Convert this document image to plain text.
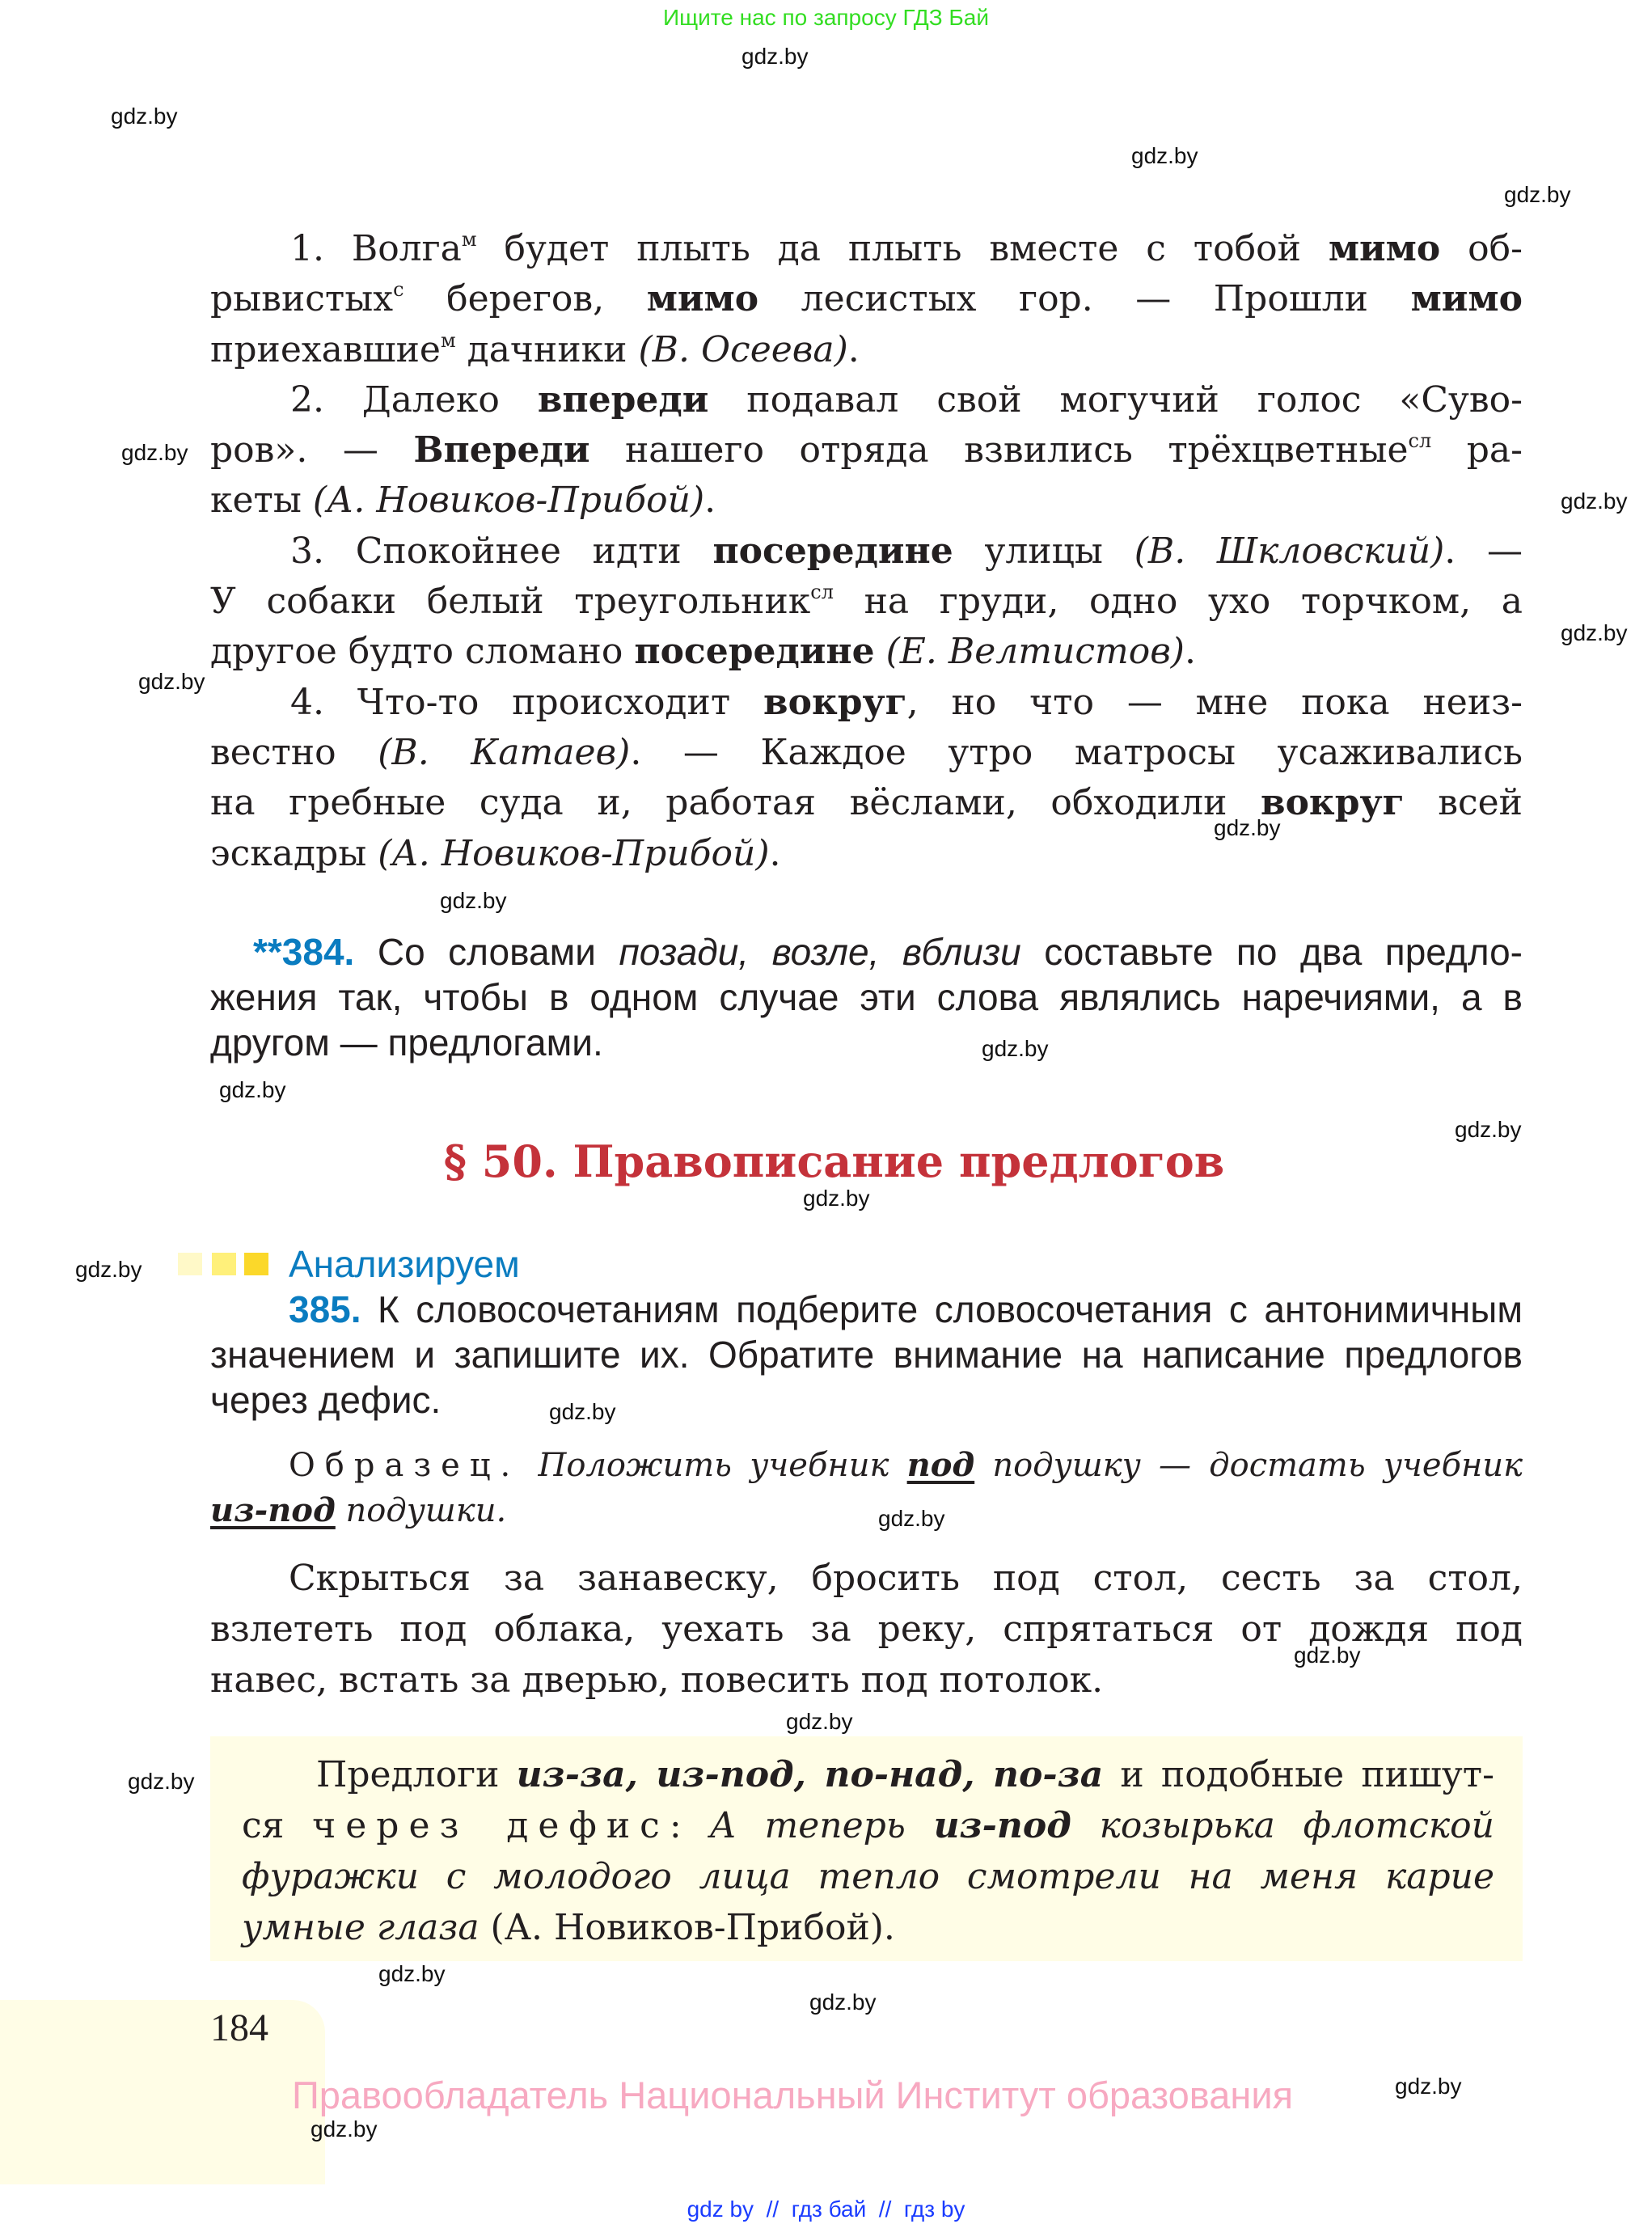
Ищите нас по запросу ГДЗ Бай
1. Волга$^м$ будет плыть да плыть вместе с тобой мимо об-
рывистых$^с$ берегов, мимо лесистых гор. — Прошли мимо
приехавшие$^м$ дачники (В. Осеева).
2. Далеко впереди подавал свой могучий голос «Суво-
ров». — Впереди нашего отряда взвились трёхцветные$^{сл}$ ра-
кеты (А. Новиков-Прибой).
3. Спокойнее идти посередине улицы (В. Шкловский). —
У собаки белый треугольник$^{сл}$ на груди, одно ухо торчком, а
другое будто сломано посередине (Е. Велтистов).
4. Что-то происходит вокруг, но что — мне пока неиз-
вестно (В. Катаев). — Каждое утро матросы усаживались
на гребные суда и, работая вёслами, обходили вокруг всей
эскадры (А. Новиков-Прибой).
**384. Со словами позади, возле, вблизи составьте по два предло-
жения так, чтобы в одном случае эти слова являлись наречиями, а в
другом — предлогами.
§ 50. Правописание предлогов
Анализируем
385. К словосочетаниям подберите словосочетания с антонимичным
значением и запишите их. Обратите внимание на написание предлогов
через дефис.
Образец. Положить учебник под подушку — достать учебник
из-под подушки.
Скрыться за занавеску, бросить под стол, сесть за стол,
взлететь под облака, уехать за реку, спрятаться от дождя под
навес, встать за дверью, повесить под потолок.
Предлоги из-за, из-под, по-над, по-за и подобные пишут-
ся через дефис: А теперь из-под козырька флотской
фуражки с молодого лица тепло смотрели на меня карие
умные глаза (А. Новиков-Прибой).
184
Правообладатель Национальный Институт образования
gdz by  //  гдз бай  //  гдз by
gdz.by
gdz.by
gdz.by
gdz.by
gdz.by
gdz.by
gdz.by
gdz.by
gdz.by
gdz.by
gdz.by
gdz.by
gdz.by
gdz.by
gdz.by
gdz.by
gdz.by
gdz.by
gdz.by
gdz.by
gdz.by
gdz.by
gdz.by
gdz.by
